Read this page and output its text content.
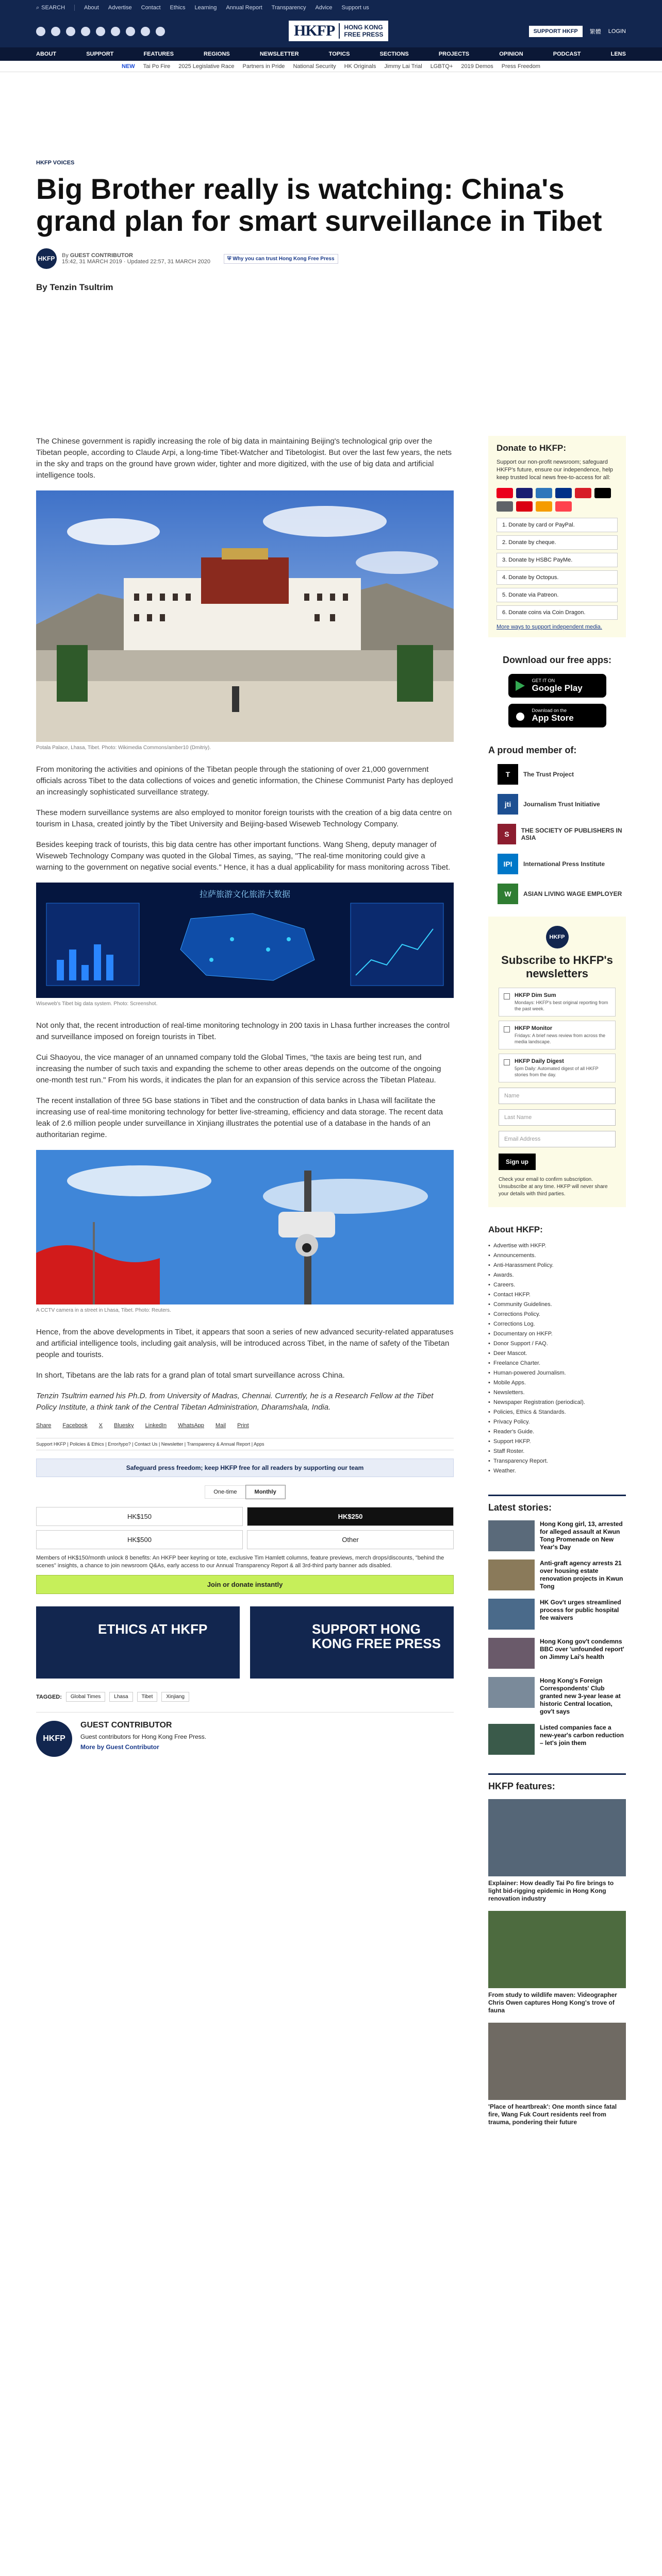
⌕ SEARCH	About Advertise Contact Ethics Learning Annual Report Transparency Advice Support us
HKFP HONG KONG
FREE PRESS	SUPPORT HKFP	繁體 LOGIN
ABOUT	SUPPORT	FEATURES	REGIONS	NEWSLETTER	TOPICS	SECTIONS	PROJECTS	OPINION	PODCAST	LENS
NEW Tai Po Fire 2025 Legislative Race Partners in Pride National Security HK Originals Jimmy Lai Trial LGBTQ+ 2019 Demos Press Freedom
HKFP VOICES
Big Brother really is watching: China's grand plan for smart surveillance in Tibet
HKFP	By GUEST CONTRIBUTOR
15:42, 31 MARCH 2019 · Updated 22:57, 31 MARCH 2020	⛨ Why you can trust Hong Kong Free Press
By Tenzin Tsultrim

The Chinese government is rapidly increasing the role of big data in maintaining Beijing's technological grip over the Tibetan people, according to Claude Arpi, a long-time Tibet-Watcher and Tibetologist. But over the last few years, the nets in the sky and traps on the ground have grown wider, tighter and more digitized, with the use of big data and artificial intelligence tools.

Potala Palace, Lhasa, Tibet. Photo: Wikimedia Commons/amber10 (Dmitriy).

From monitoring the activities and opinions of the Tibetan people through the stationing of over 21,000 government officials across Tibet to the data collections of voices and genetic information, the Chinese Communist Party has deployed an increasingly sophisticated surveillance strategy.

These modern surveillance systems are also employed to monitor foreign tourists with the creation of a big data centre on tourism in Lhasa, created jointly by the Tibet University and Beijing-based Wiseweb Technology Company.

Besides keeping track of tourists, this big data centre has other important functions. Wang Sheng, deputy manager of Wiseweb Technology Company was quoted in the Global Times, as saying, "The real-time monitoring could give a warning to the government on negative social events." Hence, it has a dual applicability for mass monitoring across Tibet.

拉萨旅游文化旅游大数据
Wiseweb's Tibet big data system. Photo: Screenshot.

Not only that, the recent introduction of real-time monitoring technology in 200 taxis in Lhasa further increases the control and surveillance imposed on foreign tourists in Tibet.

Cui Shaoyou, the vice manager of an unnamed company told the Global Times, "the taxis are being test run, and increasing the number of such taxis and expanding the scheme to other areas depends on the outcome of the ongoing one-month test run." From his words, it indicates the plan for an expansion of this service across the Tibetan Plateau.

The recent installation of three 5G base stations in Tibet and the construction of data banks in Lhasa will facilitate the increasing use of real-time monitoring technology for better live-streaming, efficiency and data storage. The recent data leak of 2.6 million people under surveillance in Xinjiang illustrates the potential use of a database in the hands of an authoritarian regime.

A CCTV camera in a street in Lhasa, Tibet. Photo: Reuters.

Hence, from the above developments in Tibet, it appears that soon a series of new advanced security-related apparatuses and artificial intelligence tools, including gait analysis, will be introduced across Tibet, in the name of safety of the Tibetan people and tourists.

In short, Tibetans are the lab rats for a grand plan of total smart surveillance across China.

Tenzin Tsultrim earned his Ph.D. from University of Madras, Chennai. Currently, he is a Research Fellow at the Tibet Policy Institute, a think tank of the Central Tibetan Administration, Dharamshala, India.

Share Facebook X Bluesky LinkedIn WhatsApp Mail Print
Support HKFP | Policies & Ethics | Error/typo? | Contact Us | Newsletter | Transparency & Annual Report | Apps
Safeguard press freedom; keep HKFP free for all readers by supporting our team
One-time	Monthly
HK$150	HK$250
HK$500	Other
Members of HK$150/month unlock 8 benefits: An HKFP beer keyring or tote, exclusive Tim Hamlett columns, feature previews, merch drops/discounts, "behind the scenes" insights, a chance to join newsroom Q&As, early access to our Annual Transparency Report & all 3rd-third party banner ads disabled.
Join or donate instantly
ETHICS AT HKFP	SUPPORT HONG KONG FREE PRESS
TAGGED:	Global Times	Lhasa	Tibet	Xinjiang
HKFP
GUEST CONTRIBUTOR
Guest contributors for Hong Kong Free Press.
More by Guest Contributor
Donate to HKFP:
Support our non-profit newsroom; safeguard HKFP's future, ensure our independence, help keep trusted local news free-to-access for all:
1. Donate by card or PayPal.
2. Donate by cheque.
3. Donate by HSBC PayMe.
4. Donate by Octopus.
5. Donate via Patreon.
6. Donate coins via Coin Dragon.
More ways to support independent media.
Download our free apps:
GET IT ON
Google Play
Download on the
App Store
A proud member of:
T	The Trust Project
jti	Journalism Trust Initiative
S	THE SOCIETY OF PUBLISHERS IN ASIA
IPI	International Press Institute
W	ASIAN LIVING WAGE EMPLOYER
HKFP
Subscribe to HKFP's newsletters
HKFP Dim Sum
Mondays: HKFP's best original reporting from the past week.
HKFP Monitor
Fridays: A brief news review from across the media landscape.
HKFP Daily Digest
5pm Daily: Automated digest of all HKFP stories from the day.
Name
Last Name
Email Address
Sign up
Check your email to confirm subscription. Unsubscribe at any time. HKFP will never share your details with third parties.
About HKFP:
• Advertise with HKFP.
• Announcements.
• Anti-Harassment Policy.
• Awards.
• Careers.
• Contact HKFP.
• Community Guidelines.
• Corrections Policy.
• Corrections Log.
• Documentary on HKFP.
• Donor Support / FAQ.
• Deer Mascot.
• Freelance Charter.
• Human-powered Journalism.
• Mobile Apps.
• Newsletters.
• Newspaper Registration (periodical).
• Policies, Ethics & Standards.
• Privacy Policy.
• Reader's Guide.
• Support HKFP.
• Staff Roster.
• Transparency Report.
• Weather.
Latest stories:
Hong Kong girl, 13, arrested for alleged assault at Kwun Tong Promenade on New Year's Day
Anti-graft agency arrests 21 over housing estate renovation projects in Kwun Tong
HK Gov't urges streamlined process for public hospital fee waivers
Hong Kong gov't condemns BBC over 'unfounded report' on Jimmy Lai's health
Hong Kong's Foreign Correspondents' Club granted new 3-year lease at historic Central location, gov't says
Listed companies face a new-year's carbon reduction – let's join them
HKFP features:
Explainer: How deadly Tai Po fire brings to light bid-rigging epidemic in Hong Kong renovation industry
From study to wildlife maven: Videographer Chris Owen captures Hong Kong's trove of fauna
'Place of heartbreak': One month since fatal fire, Wang Fuk Court residents reel from trauma, pondering their future
